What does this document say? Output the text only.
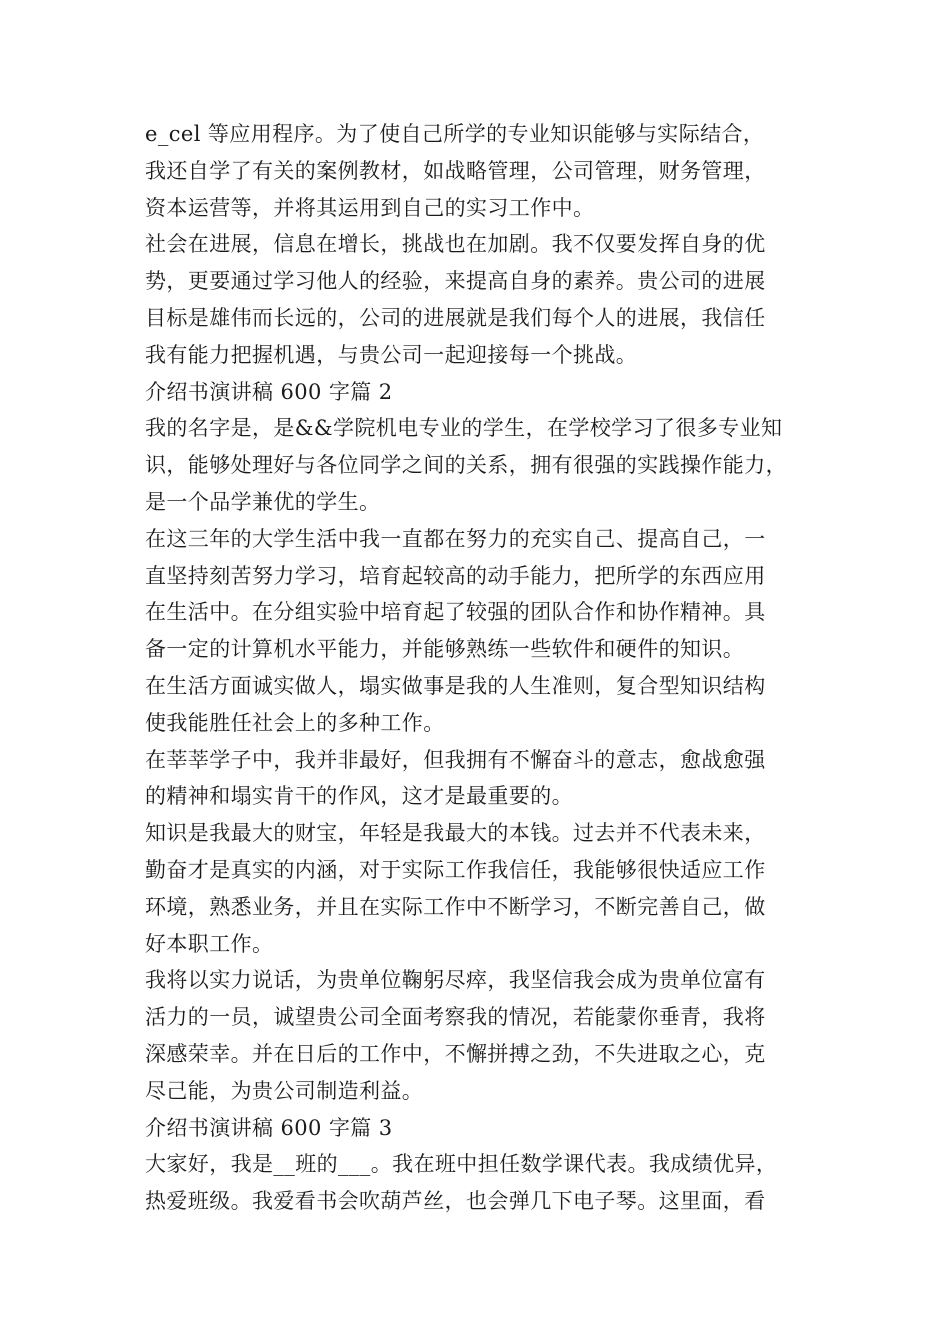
e_cel 等应用程序。为了使自己所学的专业知识能够与实际结合，
我还自学了有关的案例教材，如战略管理，公司管理，财务管理，
资本运营等，并将其运用到自己的实习工作中。
社会在进展，信息在增长，挑战也在加剧。我不仅要发挥自身的优
势，更要通过学习他人的经验，来提高自身的素养。贵公司的进展
目标是雄伟而长远的，公司的进展就是我们每个人的进展，我信任
我有能力把握机遇，与贵公司一起迎接每一个挑战。
介绍书演讲稿 600 字篇 2
我的名字是，是&&学院机电专业的学生，在学校学习了很多专业知
识，能够处理好与各位同学之间的关系，拥有很强的实践操作能力，
是一个品学兼优的学生。
在这三年的大学生活中我一直都在努力的充实自己、提高自己，一
直坚持刻苦努力学习，培育起较高的动手能力，把所学的东西应用
在生活中。在分组实验中培育起了较强的团队合作和协作精神。具
备一定的计算机水平能力，并能够熟练一些软件和硬件的知识。
在生活方面诚实做人，塌实做事是我的人生准则，复合型知识结构
使我能胜任社会上的多种工作。
在莘莘学子中，我并非最好，但我拥有不懈奋斗的意志，愈战愈强
的精神和塌实肯干的作风，这才是最重要的。
知识是我最大的财宝，年轻是我最大的本钱。过去并不代表未来，
勤奋才是真实的内涵，对于实际工作我信任，我能够很快适应工作
环境，熟悉业务，并且在实际工作中不断学习，不断完善自己，做
好本职工作。
我将以实力说话，为贵单位鞠躬尽瘁，我坚信我会成为贵单位富有
活力的一员，诚望贵公司全面考察我的情况，若能蒙你垂青，我将
深感荣幸。并在日后的工作中，不懈拼搏之劲，不失进取之心，克
尽己能，为贵公司制造利益。
介绍书演讲稿 600 字篇 3
大家好，我是__班的___。我在班中担任数学课代表。我成绩优异，
热爱班级。我爱看书会吹葫芦丝，也会弹几下电子琴。这里面，看
